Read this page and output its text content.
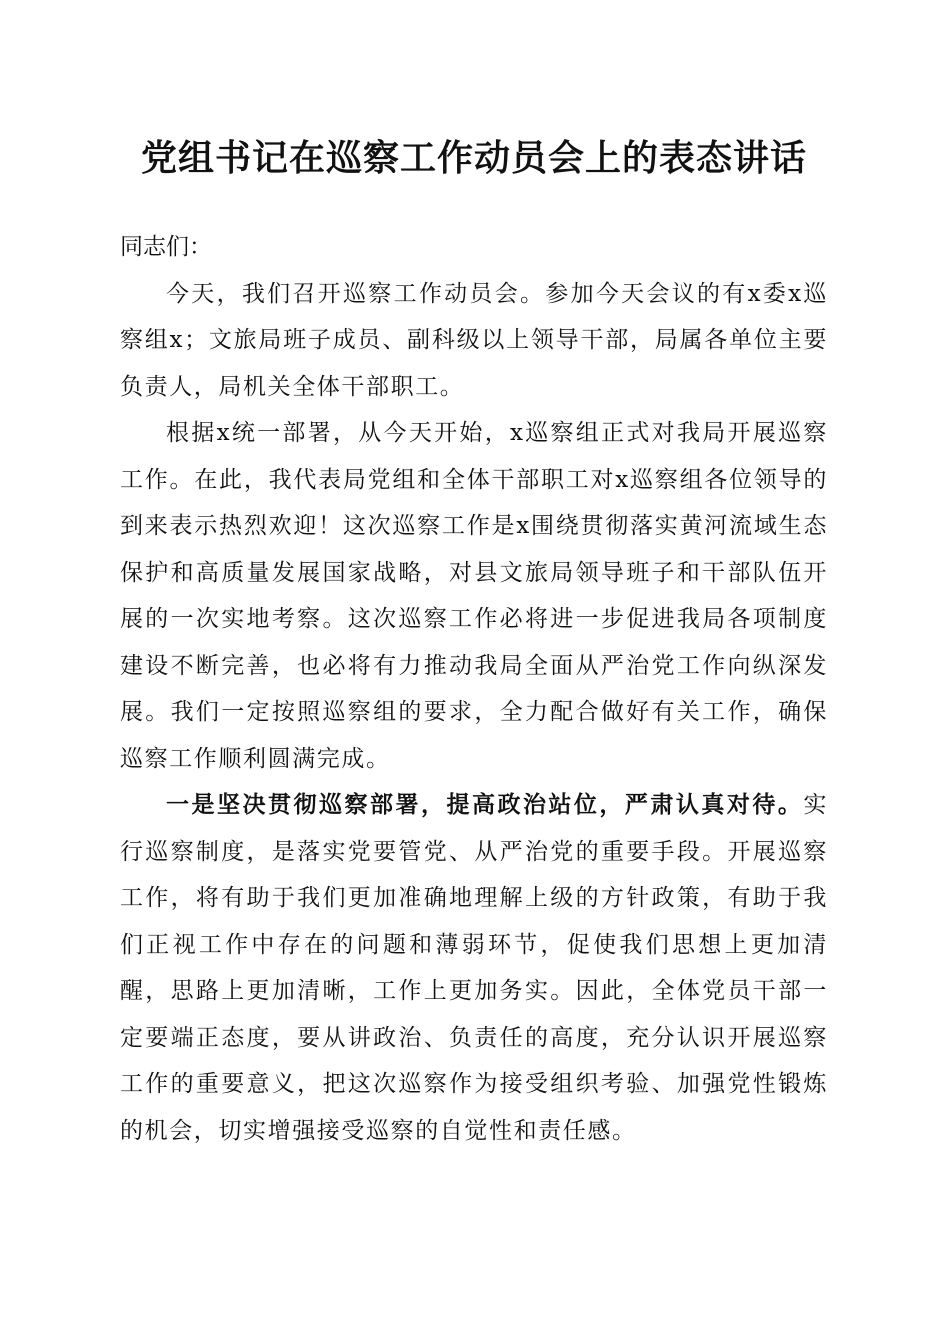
党组书记在巡察工作动员会上的表态讲话

同志们：

今天，我们召开巡察工作动员会。参加今天会议的有x委x巡察组x；文旅局班子成员、副科级以上领导干部，局属各单位主要负责人，局机关全体干部职工。

根据x统一部署，从今天开始，x巡察组正式对我局开展巡察工作。在此，我代表局党组和全体干部职工对x巡察组各位领导的到来表示热烈欢迎！这次巡察工作是x围绕贯彻落实黄河流域生态保护和高质量发展国家战略，对县文旅局领导班子和干部队伍开展的一次实地考察。这次巡察工作必将进一步促进我局各项制度建设不断完善，也必将有力推动我局全面从严治党工作向纵深发展。我们一定按照巡察组的要求，全力配合做好有关工作，确保巡察工作顺利圆满完成。

一是坚决贯彻巡察部署，提高政治站位，严肃认真对待。实行巡察制度，是落实党要管党、从严治党的重要手段。开展巡察工作，将有助于我们更加准确地理解上级的方针政策，有助于我们正视工作中存在的问题和薄弱环节，促使我们思想上更加清醒，思路上更加清晰，工作上更加务实。因此，全体党员干部一定要端正态度，要从讲政治、负责任的高度，充分认识开展巡察工作的重要意义，把这次巡察作为接受组织考验、加强党性锻炼的机会，切实增强接受巡察的自觉性和责任感。
